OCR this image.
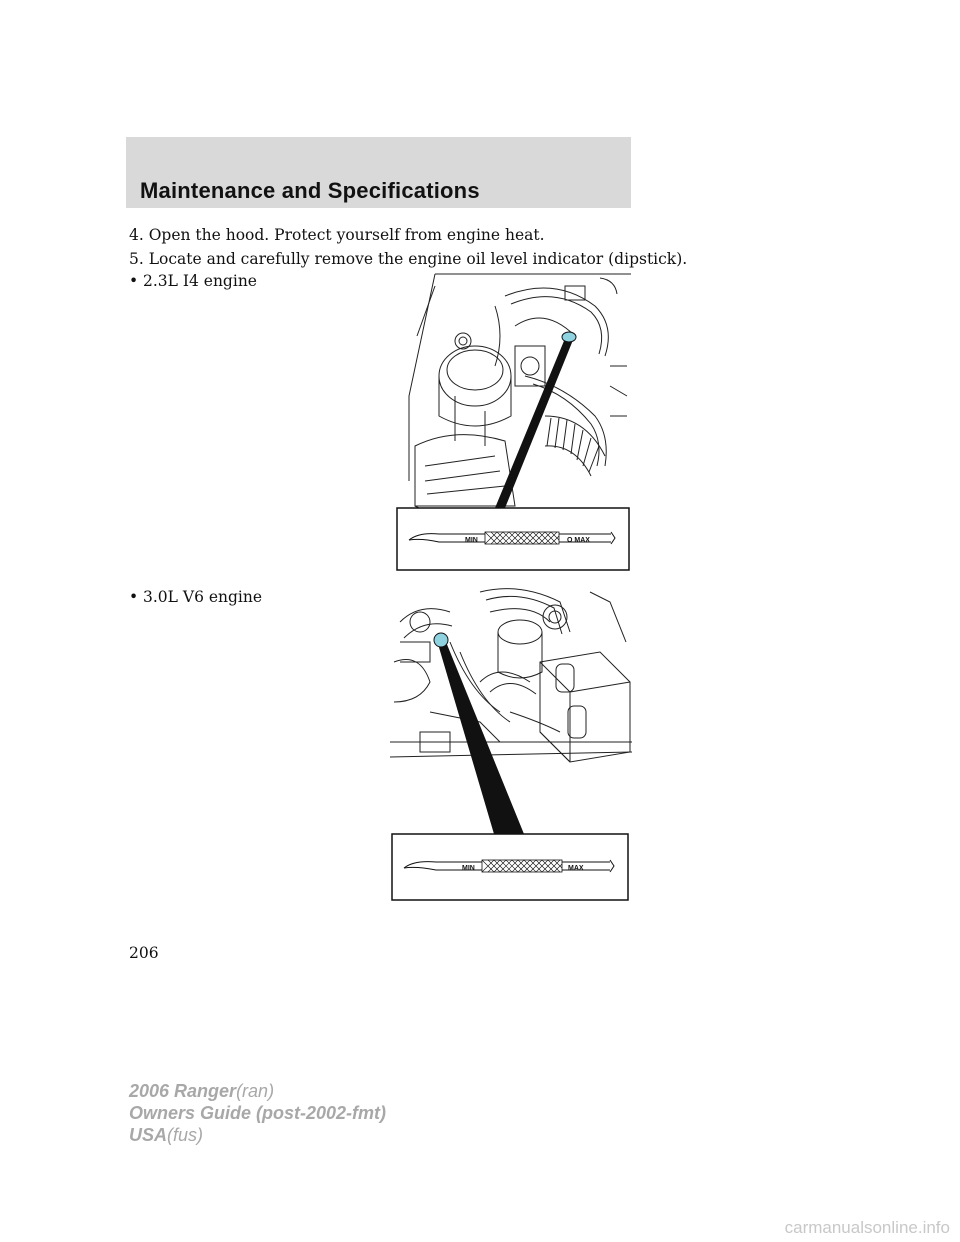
Maintenance and Specifications

4. Open the hood. Protect yourself from engine heat.

5. Locate and carefully remove the engine oil level indicator (dipstick).

• 2.3L I4 engine
MIN	O MAX
• 3.0L V6 engine
MIN	MAX
206
2006 Ranger(ran)
Owners Guide (post-2002-fmt)
USA(fus)
carmanualsonline.info
